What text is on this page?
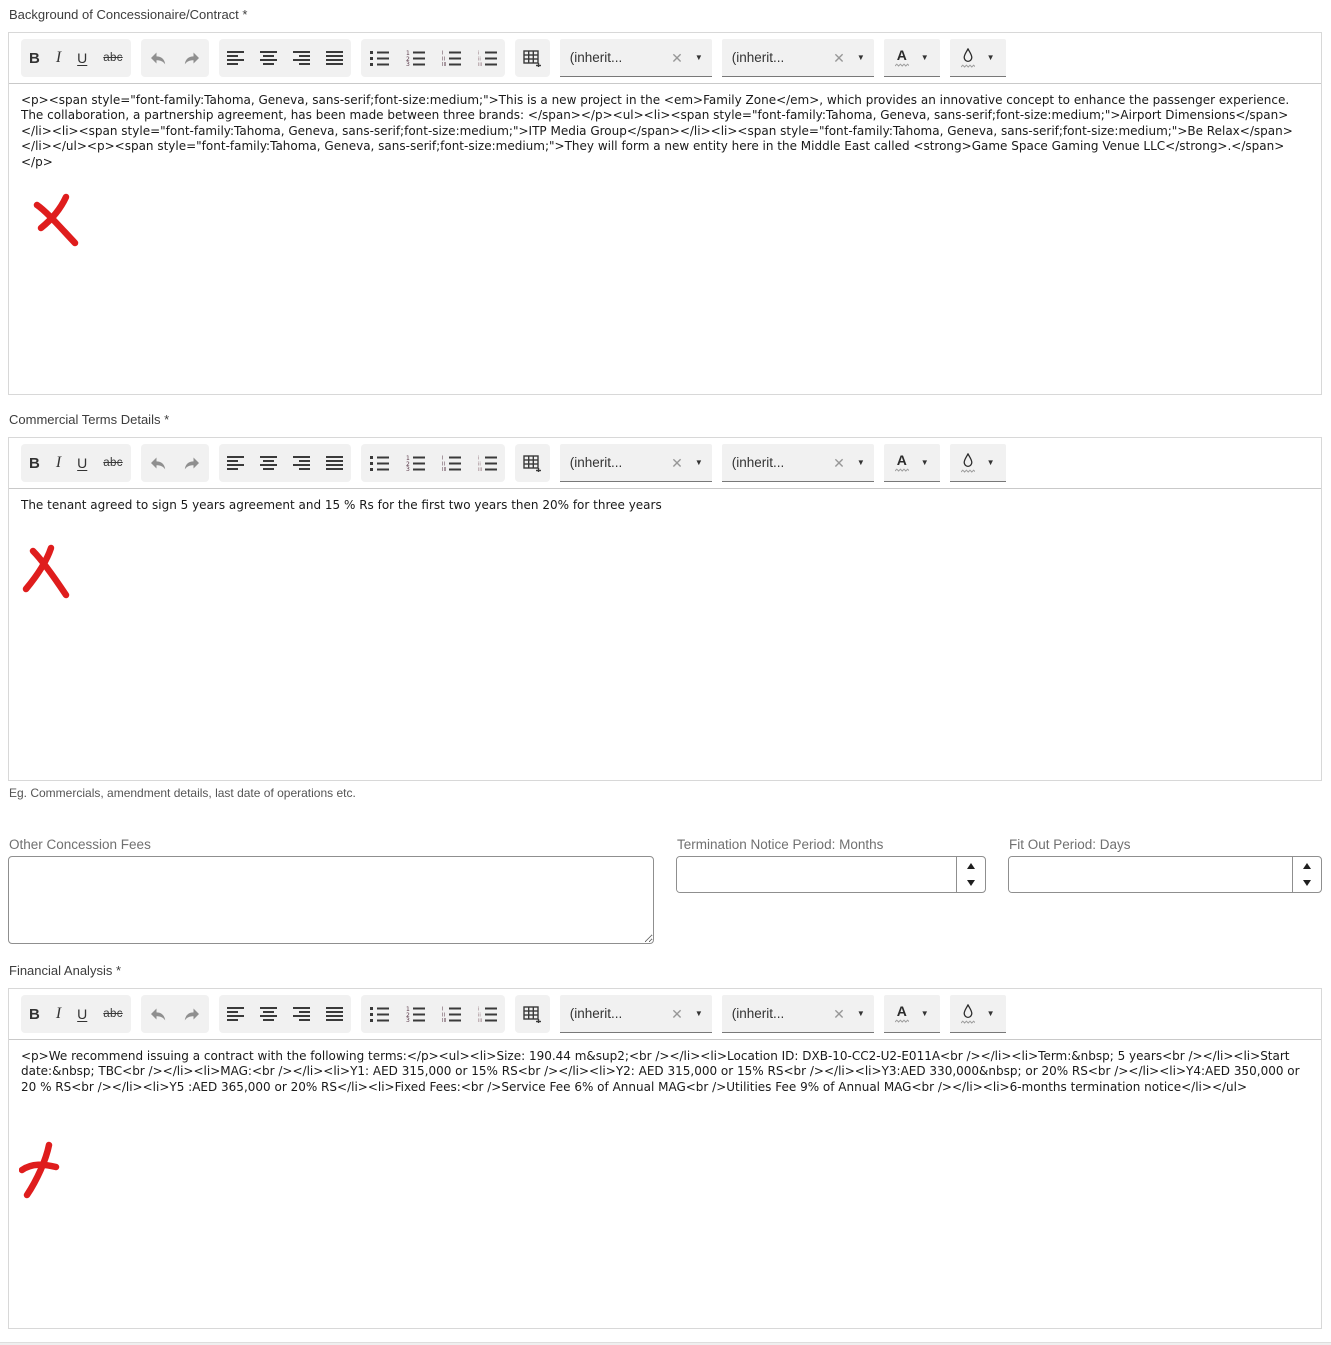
Background of Concessionaire/Contract *
B	I	U	abc	1
2
3
I
II
III
i
ii
iii	(inherit...	✕ ▼ (inherit...	✕ ▼ A ▼	▼
<p><span style="font-family:Tahoma, Geneva, sans-serif;font-size:medium;">This is a new project in the <em>Family Zone</em>, which provides an innovative concept to enhance the passenger experience. The collaboration, a partnership agreement, has been made between three brands: </span></p><ul><li><span style="font-family:Tahoma, Geneva, sans-serif;font-size:medium;">Airport Dimensions</span></li><li><span style="font-family:Tahoma, Geneva, sans-serif;font-size:medium;">ITP Media Group</span></li><li><span style="font-family:Tahoma, Geneva, sans-serif;font-size:medium;">Be Relax</span></li></ul><p><span style="font-family:Tahoma, Geneva, sans-serif;font-size:medium;">They will form a new entity here in the Middle East called <strong>Game Space Gaming Venue LLC</strong>.</span></p>
Commercial Terms Details *
B	I	U	abc	1
2
3
I
II
III
i
ii
iii	(inherit...	✕ ▼ (inherit...	✕ ▼ A ▼	▼
The tenant agreed to sign 5 years agreement and 15 % Rs for the first two years then 20% for three years
Eg. Commercials, amendment details, last date of operations etc.
Other Concession Fees	Termination Notice Period: Months	Fit Out Period: Days
Financial Analysis *
B	I	U	abc	1
2
3
I
II
III
i
ii
iii	(inherit...	✕ ▼ (inherit...	✕ ▼ A ▼	▼
<p>We recommend issuing a contract with the following terms:</p><ul><li>Size: 190.44 m&sup2;<br /></li><li>Location ID: DXB-10-CC2-U2-E011A<br /></li><li>Term:&nbsp; 5 years<br /></li><li>Start date:&nbsp; TBC<br /></li><li>MAG:<br /></li><li>Y1: AED 315,000 or 15% RS<br /></li><li>Y2: AED 315,000 or 15% RS<br /></li><li>Y3:AED 330,000&nbsp; or 20% RS<br /></li><li>Y4:AED 350,000 or 20 % RS<br /></li><li>Y5 :AED 365,000 or 20% RS</li><li>Fixed Fees:<br />Service Fee 6% of Annual MAG<br />Utilities Fee 9% of Annual MAG<br /></li><li>6-months termination notice</li></ul>
